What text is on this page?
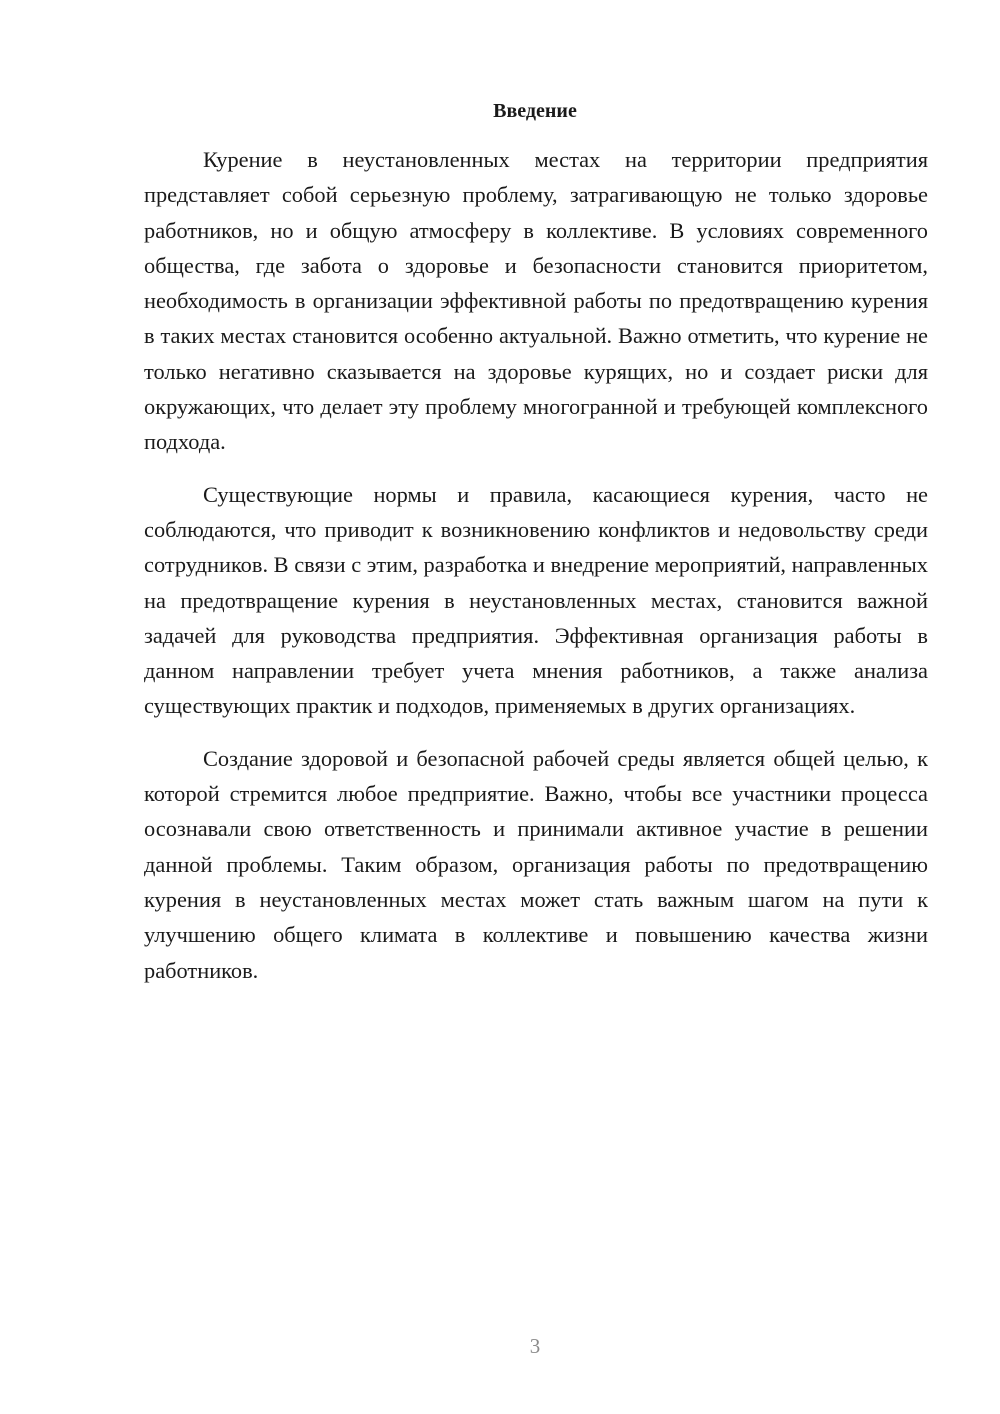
Введение

Курение в неустановленных местах на территории предприятия представляет собой серьезную проблему, затрагивающую не только здоровье работников, но и общую атмосферу в коллективе. В условиях современного общества, где забота о здоровье и безопасности становится приоритетом, необходимость в организации эффективной работы по предотвращению курения в таких местах становится особенно актуальной. Важно отметить, что курение не только негативно сказывается на здоровье курящих, но и создает риски для окружающих, что делает эту проблему многогранной и требующей комплексного подхода.

Существующие нормы и правила, касающиеся курения, часто не соблюдаются, что приводит к возникновению конфликтов и недовольству среди сотрудников. В связи с этим, разработка и внедрение мероприятий, направленных на предотвращение курения в неустановленных местах, становится важной задачей для руководства предприятия. Эффективная организация работы в данном направлении требует учета мнения работников, а также анализа существующих практик и подходов, применяемых в других организациях.

Создание здоровой и безопасной рабочей среды является общей целью, к которой стремится любое предприятие. Важно, чтобы все участники процесса осознавали свою ответственность и принимали активное участие в решении данной проблемы. Таким образом, организация работы по предотвращению курения в неустановленных местах может стать важным шагом на пути к улучшению общего климата в коллективе и повышению качества жизни работников.

3
